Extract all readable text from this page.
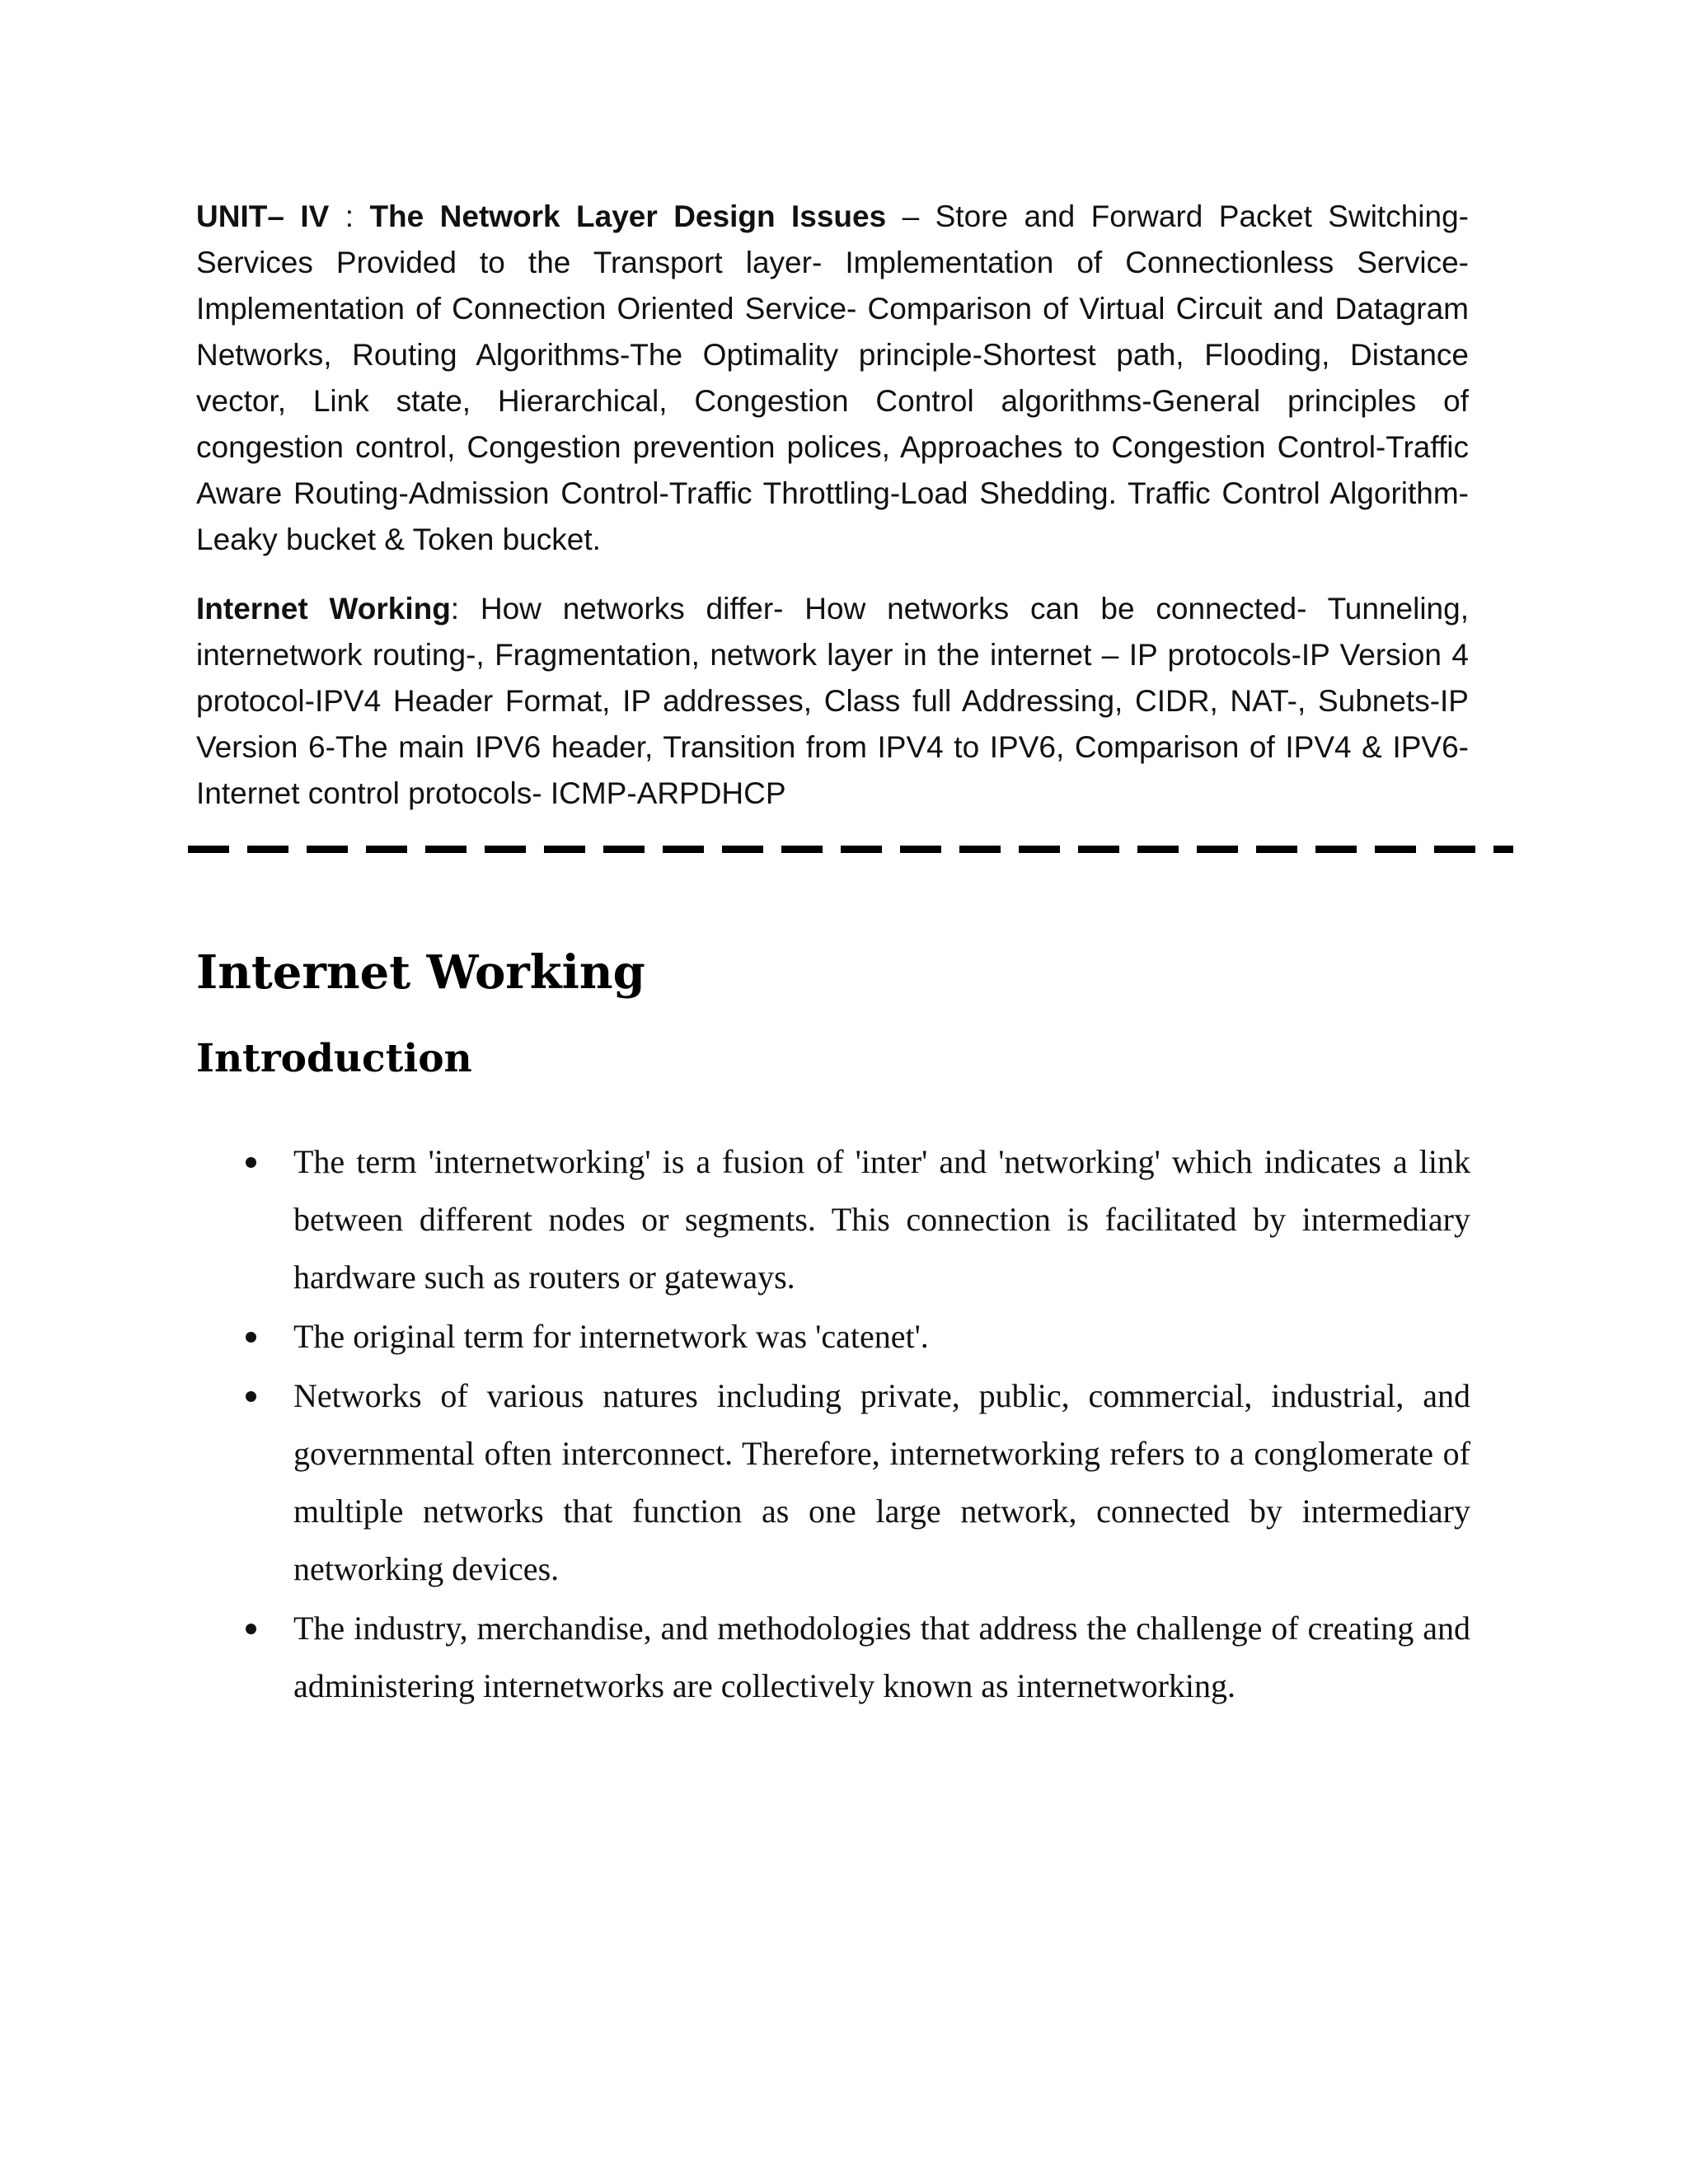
UNIT– IV : The Network Layer Design Issues – Store and Forward Packet Switching-Services Provided to the Transport layer- Implementation of Connectionless Service-Implementation of Connection Oriented Service- Comparison of Virtual Circuit and Datagram Networks, Routing Algorithms-The Optimality principle-Shortest path, Flooding, Distance vector, Link state, Hierarchical, Congestion Control algorithms-General principles of congestion control, Congestion prevention polices, Approaches to Congestion Control-Traffic Aware Routing-Admission Control-Traffic Throttling-Load Shedding. Traffic Control Algorithm-Leaky bucket & Token bucket.

Internet Working: How networks differ- How networks can be connected- Tunneling, internetwork routing-, Fragmentation, network layer in the internet – IP protocols-IP Version 4 protocol-IPV4 Header Format, IP addresses, Class full Addressing, CIDR, NAT-, Subnets-IP Version 6-The main IPV6 header, Transition from IPV4 to IPV6, Comparison of IPV4 & IPV6-Internet control protocols- ICMP-ARPDHCP

Internet Working
Introduction
The term 'internetworking' is a fusion of 'inter' and 'networking' which indicates a link between different nodes or segments. This connection is facilitated by intermediary hardware such as routers or gateways.
The original term for internetwork was 'catenet'.
Networks of various natures including private, public, commercial, industrial, and governmental often interconnect. Therefore, internetworking refers to a conglomerate of multiple networks that function as one large network, connected by intermediary networking devices.
The industry, merchandise, and methodologies that address the challenge of creating and administering internetworks are collectively known as internetworking.
